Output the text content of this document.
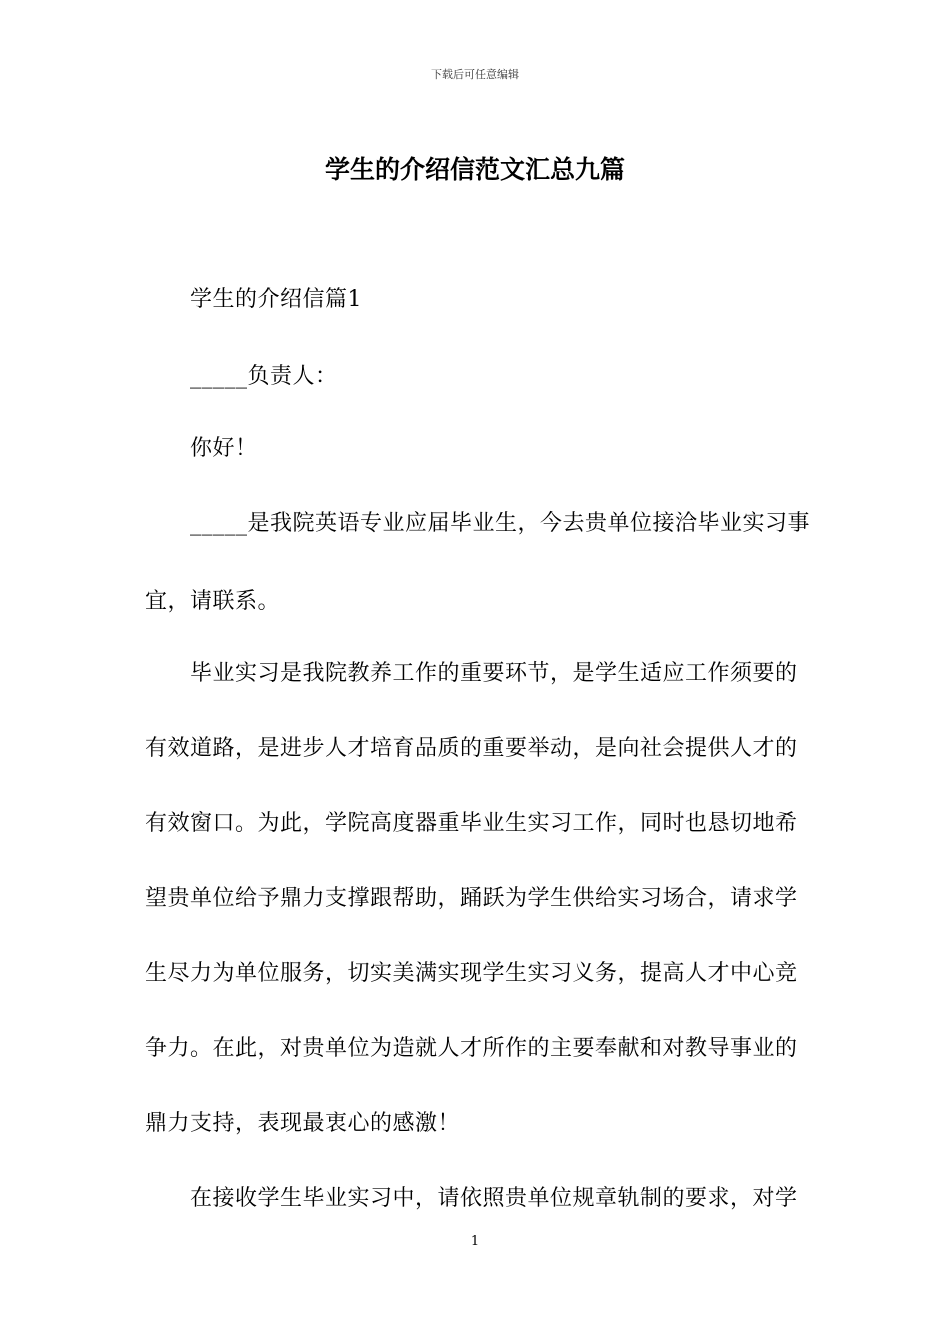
下载后可任意编辑
学生的介绍信范文汇总九篇
学生的介绍信篇1
_____负责人：
你好！
_____是我院英语专业应届毕业生，今去贵单位接洽毕业实习事
宜，请联系。
毕业实习是我院教养工作的重要环节，是学生适应工作须要的
有效道路，是进步人才培育品质的重要举动，是向社会提供人才的
有效窗口。为此，学院高度器重毕业生实习工作，同时也恳切地希
望贵单位给予鼎力支撑跟帮助，踊跃为学生供给实习场合，请求学
生尽力为单位服务，切实美满实现学生实习义务，提高人才中心竞
争力。在此，对贵单位为造就人才所作的主要奉献和对教导事业的
鼎力支持，表现最衷心的感激！
在接收学生毕业实习中，请依照贵单位规章轨制的要求，对学
1
